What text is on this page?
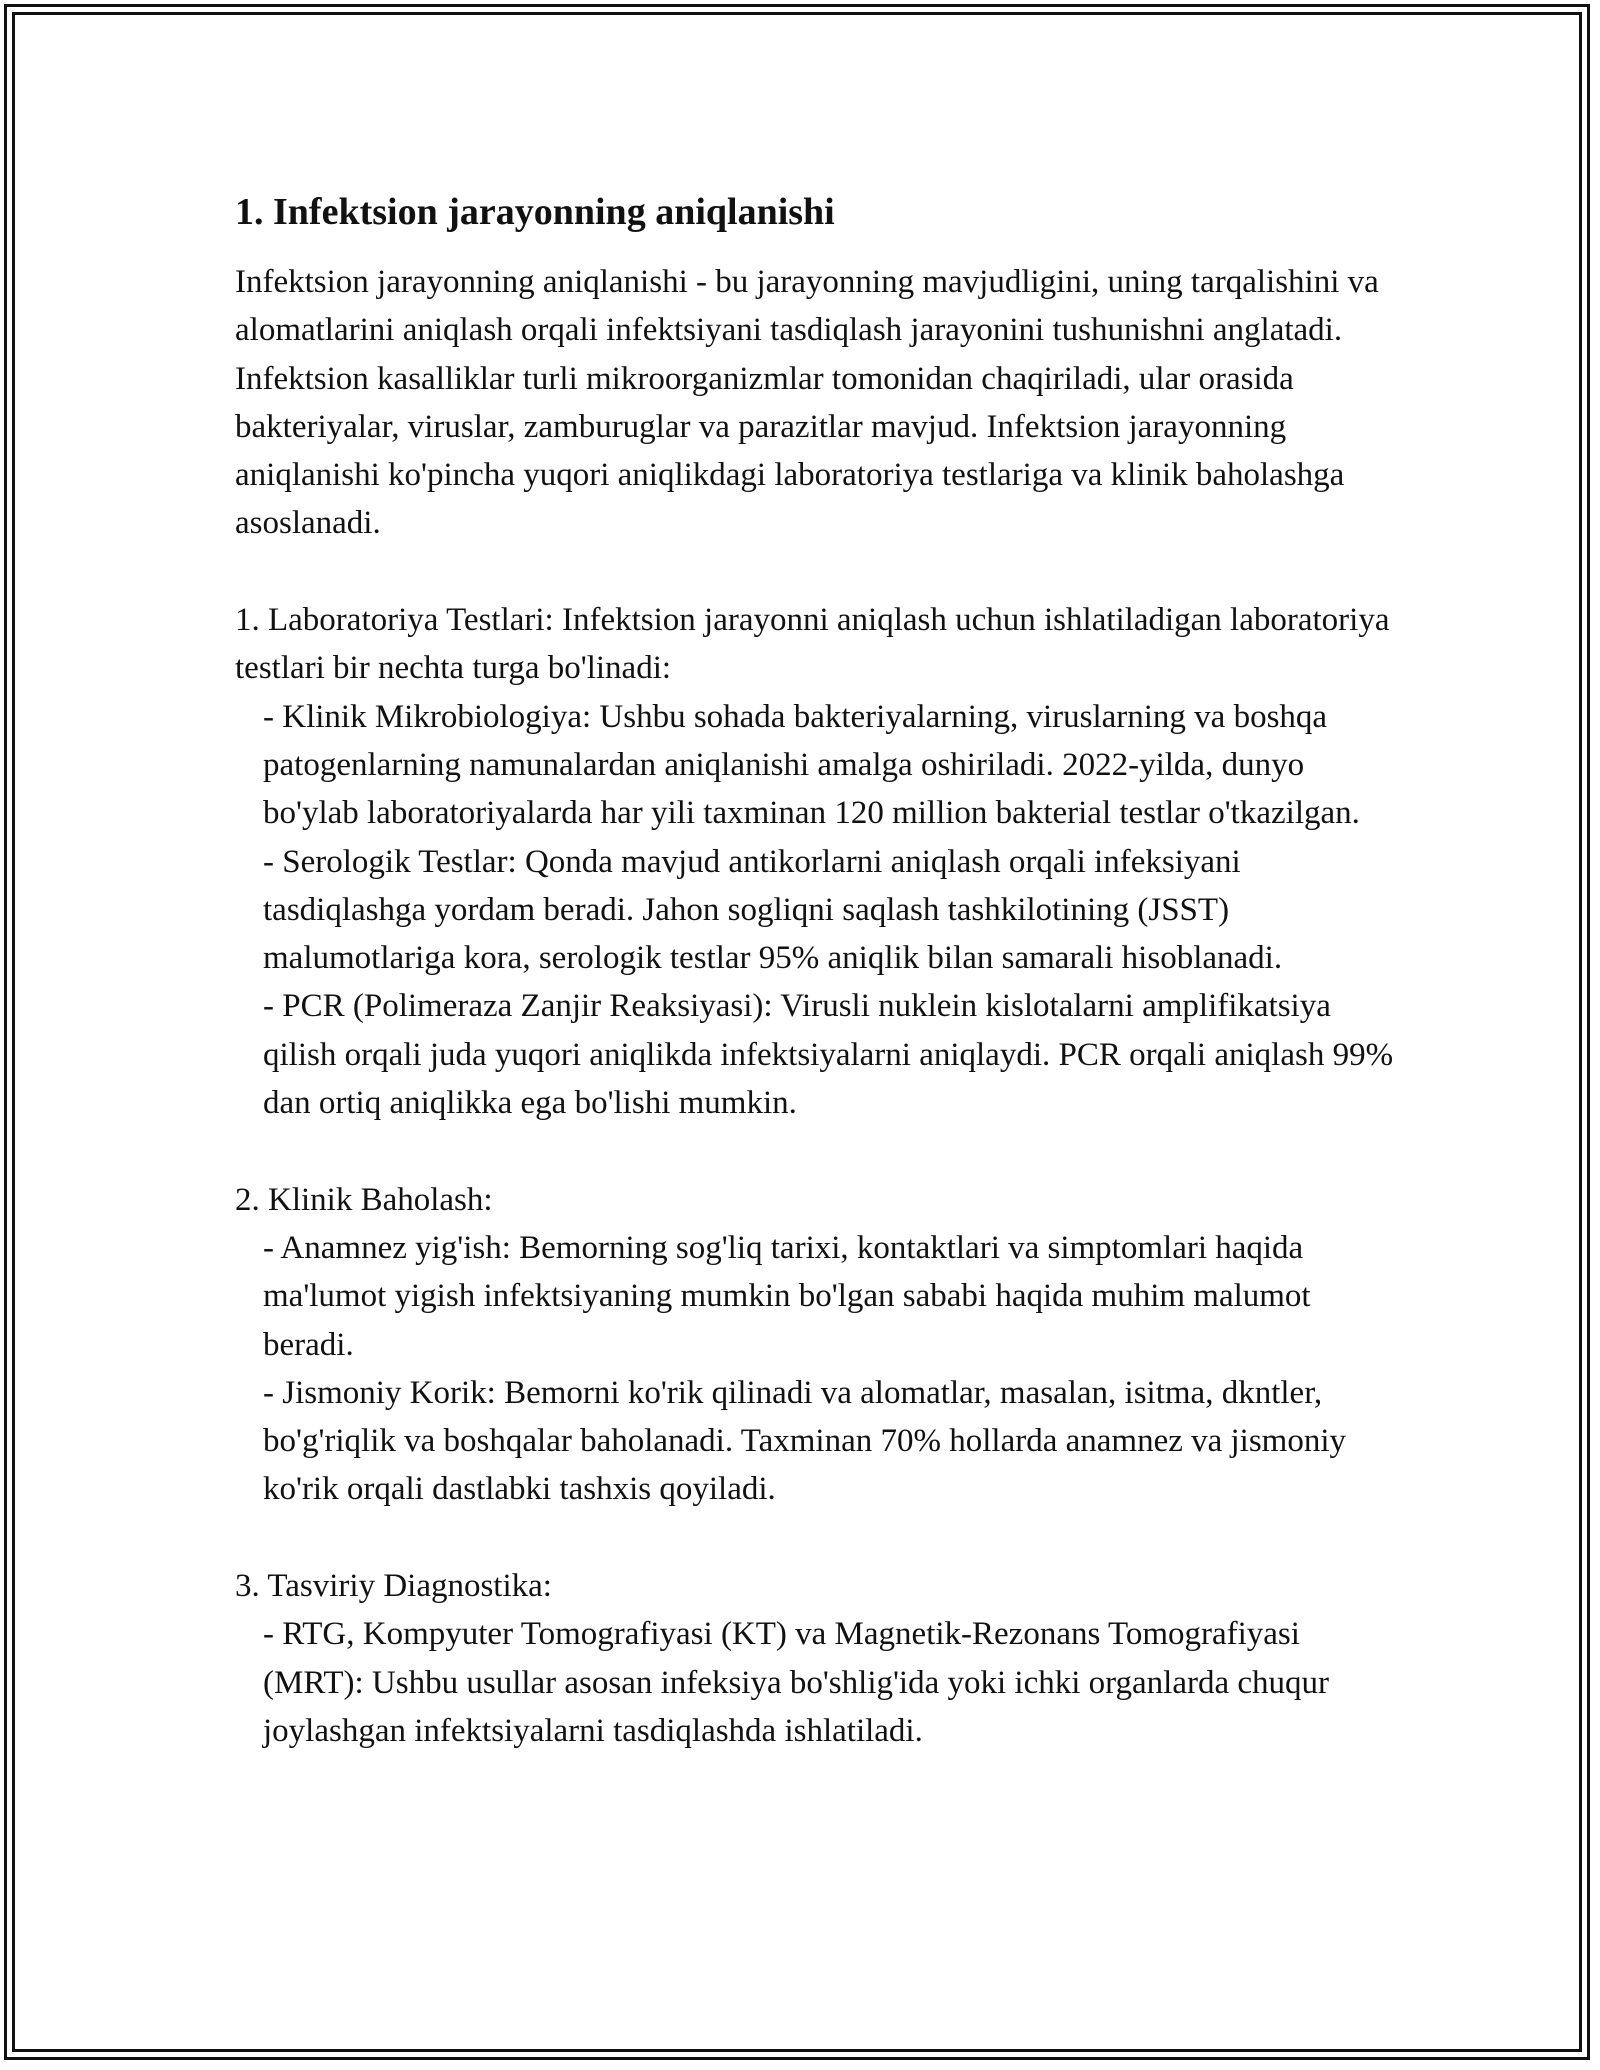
1. Infektsion jarayonning aniqlanishi

Infektsion jarayonning aniqlanishi - bu jarayonning mavjudligini, uning tarqalishini va alomatlarini aniqlash orqali infektsiyani tasdiqlash jarayonini tushunishni anglatadi. Infektsion kasalliklar turli mikroorganizmlar tomonidan chaqiriladi, ular orasida bakteriyalar, viruslar, zamburuglar va parazitlar mavjud. Infektsion jarayonning aniqlanishi ko'pincha yuqori aniqlikdagi laboratoriya testlariga va klinik baholashga asoslanadi.

1. Laboratoriya Testlari: Infektsion jarayonni aniqlash uchun ishlatiladigan laboratoriya testlari bir nechta turga bo'linadi:

- Klinik Mikrobiologiya: Ushbu sohada bakteriyalarning, viruslarning va boshqa patogenlarning namunalardan aniqlanishi amalga oshiriladi. 2022-yilda, dunyo bo'ylab laboratoriyalarda har yili taxminan 120 million bakterial testlar o'tkazilgan.

- Serologik Testlar: Qonda mavjud antikorlarni aniqlash orqali infeksiyani tasdiqlashga yordam beradi. Jahon sogliqni saqlash tashkilotining (JSST) malumotlariga kora, serologik testlar 95% aniqlik bilan samarali hisoblanadi.

- PCR (Polimeraza Zanjir Reaksiyasi): Virusli nuklein kislotalarni amplifikatsiya qilish orqali juda yuqori aniqlikda infektsiyalarni aniqlaydi. PCR orqali aniqlash 99% dan ortiq aniqlikka ega bo'lishi mumkin.

2. Klinik Baholash:

- Anamnez yig'ish: Bemorning sog'liq tarixi, kontaktlari va simptomlari haqida ma'lumot yigish infektsiyaning mumkin bo'lgan sababi haqida muhim malumot beradi.

- Jismoniy Korik: Bemorni ko'rik qilinadi va alomatlar, masalan, isitma, dkntler, bo'g'riqlik va boshqalar baholanadi. Taxminan 70% hollarda anamnez va jismoniy ko'rik orqali dastlabki tashxis qoyiladi.

3. Tasviriy Diagnostika:

- RTG, Kompyuter Tomografiyasi (KT) va Magnetik-Rezonans Tomografiyasi (MRT): Ushbu usullar asosan infeksiya bo'shlig'ida yoki ichki organlarda chuqur joylashgan infektsiyalarni tasdiqlashda ishlatiladi.
